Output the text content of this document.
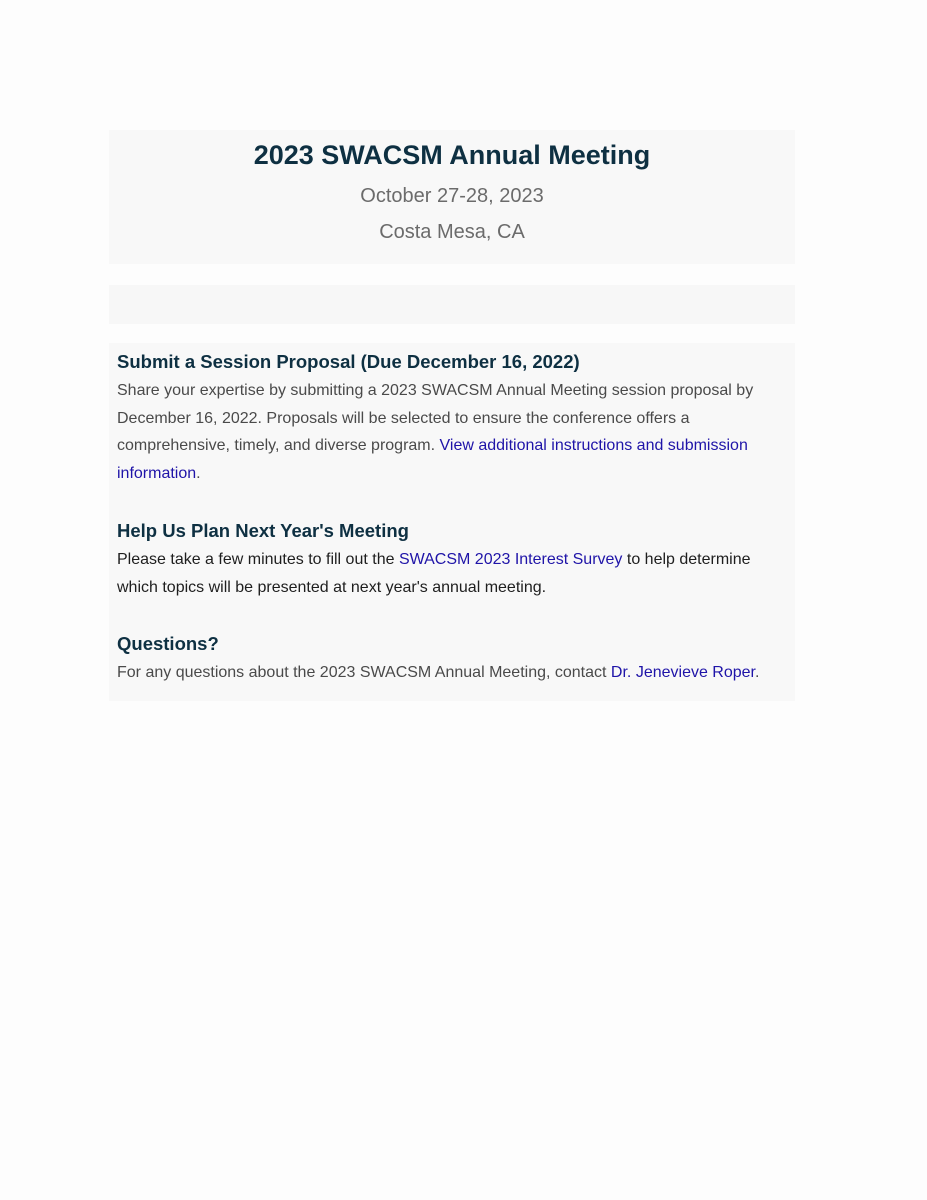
2023 SWACSM Annual Meeting
October 27-28, 2023
Costa Mesa, CA
Submit a Session Proposal (Due December 16, 2022)

Share your expertise by submitting a 2023 SWACSM Annual Meeting session proposal by December 16, 2022. Proposals will be selected to ensure the conference offers a comprehensive, timely, and diverse program. View additional instructions and submission information.

Help Us Plan Next Year's Meeting

Please take a few minutes to fill out the SWACSM 2023 Interest Survey to help determine which topics will be presented at next year's annual meeting.

Questions?

For any questions about the 2023 SWACSM Annual Meeting, contact Dr. Jenevieve Roper.
